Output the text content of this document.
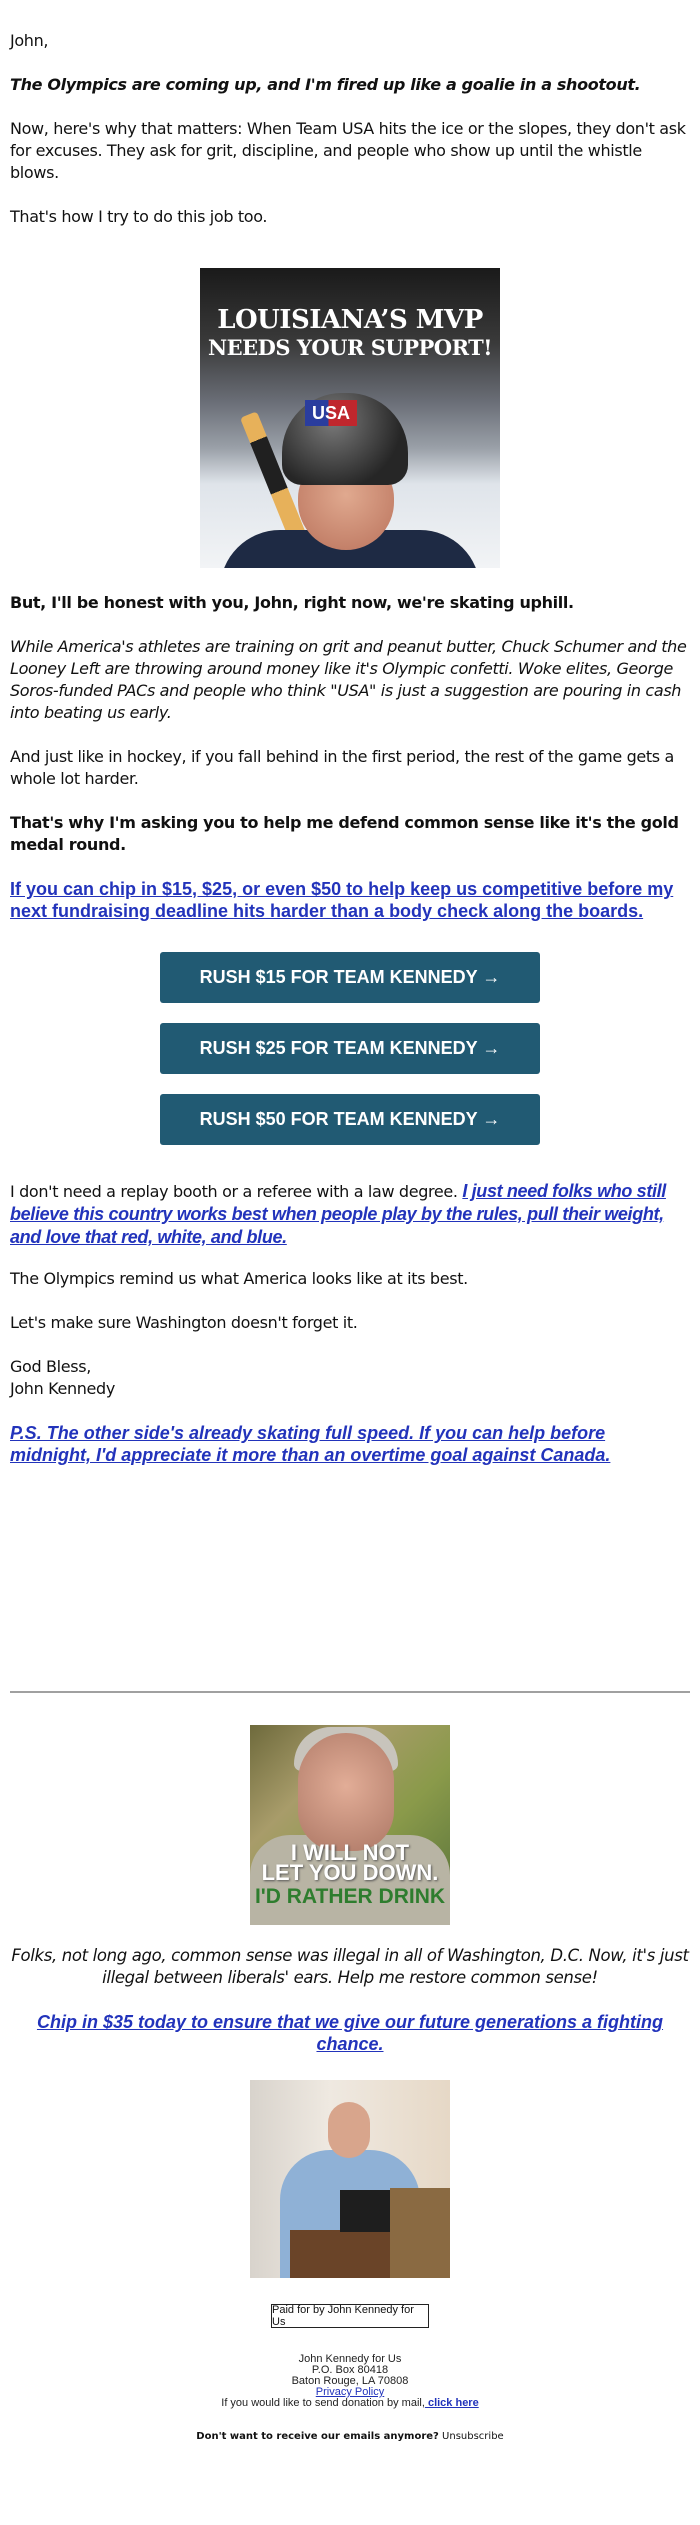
John,

The Olympics are coming up, and I'm fired up like a goalie in a shootout.

Now, here's why that matters: When Team USA hits the ice or the slopes, they don't ask for excuses. They ask for grit, discipline, and people who show up until the whistle blows.

That's how I try to do this job too.

LOUISIANA’S MVP
NEEDS YOUR SUPPORT!
USA

But, I'll be honest with you, John, right now, we're skating uphill.

While America's athletes are training on grit and peanut butter, Chuck Schumer and the Looney Left are throwing around money like it's Olympic confetti. Woke elites, George Soros-funded PACs and people who think "USA" is just a suggestion are pouring in cash into beating us early.

And just like in hockey, if you fall behind in the first period, the rest of the game gets a whole lot harder.

That's why I'm asking you to help me defend common sense like it's the gold medal round.

If you can chip in $15, $25, or even $50 to help keep us competitive before my next fundraising deadline hits harder than a body check along the boards.

RUSH $15 FOR TEAM KENNEDY →
RUSH $25 FOR TEAM KENNEDY →
RUSH $50 FOR TEAM KENNEDY →

I don't need a replay booth or a referee with a law degree. I just need folks who still believe this country works best when people play by the rules, pull their weight, and love that red, white, and blue.

The Olympics remind us what America looks like at its best.

Let's make sure Washington doesn't forget it.

God Bless,

John Kennedy

P.S. The other side's already skating full speed. If you can help before midnight, I'd appreciate it more than an overtime goal against Canada.

I WILL NOT
LET YOU DOWN.
I'D RATHER DRINK

Folks, not long ago, common sense was illegal in all of Washington, D.C. Now, it's just illegal between liberals' ears. Help me restore common sense!

Chip in $35 today to ensure that we give our future generations a fighting chance.

Paid for by John Kennedy for Us
John Kennedy for Us
P.O. Box 80418
Baton Rouge, LA 70808
Privacy Policy
If you would like to send donation by mail, click here
Don't want to receive our emails anymore? Unsubscribe
